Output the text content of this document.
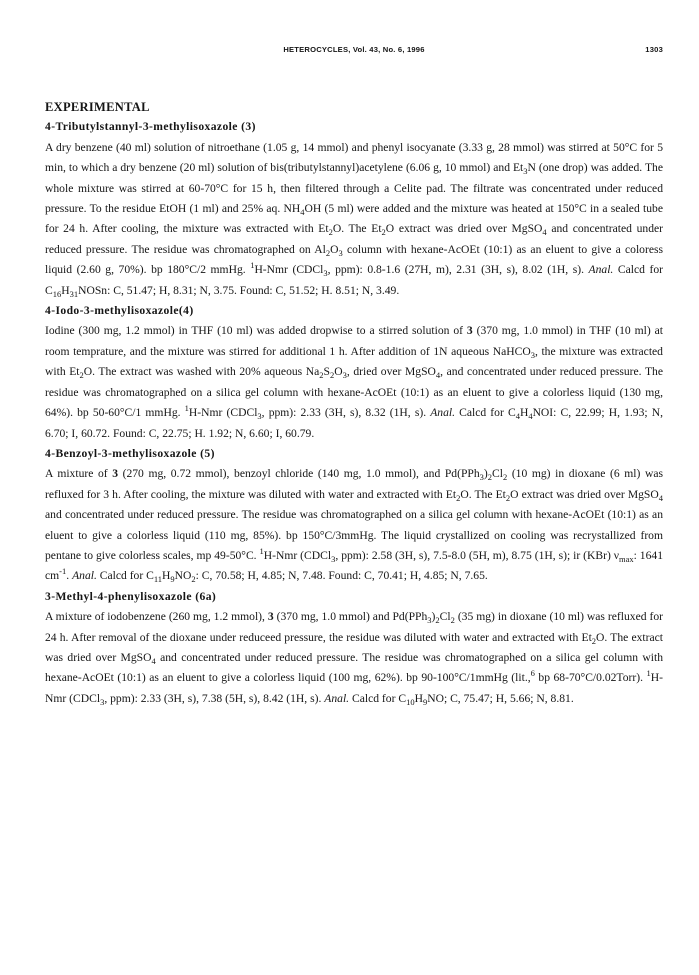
HETEROCYCLES, Vol. 43, No. 6, 1996	1303
EXPERIMENTAL
4-Tributylstannyl-3-methylisoxazole (3)

A dry benzene (40 ml) solution of nitroethane (1.05 g, 14 mmol) and phenyl isocyanate (3.33 g, 28 mmol) was stirred at 50°C for 5 min, to which a dry benzene (20 ml) solution of bis(tributylstannyl)acetylene (6.06 g, 10 mmol) and $Et_3N$ (one drop) was added. The whole mixture was stirred at 60-70°C for 15 h, then filtered through a Celite pad. The filtrate was concentrated under reduced pressure. To the residue EtOH (1 ml) and 25% aq. $NH_4OH$ (5 ml) were added and the mixture was heated at 150°C in a sealed tube for 24 h. After cooling, the mixture was extracted with $Et_2O$. The $Et_2O$ extract was dried over MgSO$_4$ and concentrated under reduced pressure. The residue was chromatographed on $Al_2O_3$ column with hexane-AcOEt (10:1) as an eluent to give a coloress liquid (2.60 g, 70%). bp 180°C/2 mmHg. $^1$H-Nmr (CDCl$_3$, ppm): 0.8-1.6 (27H, m), 2.31 (3H, s), 8.02 (1H, s). Anal. Calcd for $C_{16}H_{31}NOSn$: C, 51.47; H, 8.31; N, 3.75. Found: C, 51.52; H. 8.51; N, 3.49.

4-Iodo-3-methylisoxazole(4)

Iodine (300 mg, 1.2 mmol) in THF (10 ml) was added dropwise to a stirred solution of 3 (370 mg, 1.0 mmol) in THF (10 ml) at room temprature, and the mixture was stirred for additional 1 h. After addition of 1N aqueous NaHCO$_3$, the mixture was extracted with $Et_2O$. The extract was washed with 20% aqueous $Na_2S_2O_3$, dried over MgSO$_4$, and concentrated under reduced pressure. The residue was chromatographed on a silica gel column with hexane-AcOEt (10:1) as an eluent to give a colorless liquid (130 mg, 64%). bp 50-60°C/1 mmHg. $^1$H-Nmr (CDCl$_3$, ppm): 2.33 (3H, s), 8.32 (1H, s). Anal. Calcd for $C_4H_4NOI$: C, 22.99; H, 1.93; N, 6.70; I, 60.72. Found: C, 22.75; H. 1.92; N, 6.60; I, 60.79.

4-Benzoyl-3-methylisoxazole (5)

A mixture of 3 (270 mg, 0.72 mmol), benzoyl chloride (140 mg, 1.0 mmol), and $Pd(PPh_3)_2Cl_2$ (10 mg) in dioxane (6 ml) was refluxed for 3 h. After cooling, the mixture was diluted with water and extracted with $Et_2O$. The $Et_2O$ extract was dried over MgSO$_4$ and concentrated under reduced pressure. The residue was chromatographed on a silica gel column with hexane-AcOEt (10:1) as an eluent to give a colorless liquid (110 mg, 85%). bp 150°C/3mmHg. The liquid crystallized on cooling was recrystallized from pentane to give colorless scales, mp 49-50°C. $^1$H-Nmr (CDCl$_3$, ppm): 2.58 (3H, s), 7.5-8.0 (5H, m), 8.75 (1H, s); ir (KBr) $\nu_{max}$: 1641 $cm^{-1}$. Anal. Calcd for $C_{11}H_9NO_2$: C, 70.58; H, 4.85; N, 7.48. Found: C, 70.41; H, 4.85; N, 7.65.

3-Methyl-4-phenylisoxazole (6a)

A mixture of iodobenzene (260 mg, 1.2 mmol), 3 (370 mg, 1.0 mmol) and $Pd(PPh_3)_2Cl_2$ (35 mg) in dioxane (10 ml) was refluxed for 24 h. After removal of the dioxane under reduceed pressure, the residue was diluted with water and extracted with $Et_2O$. The extract was dried over MgSO$_4$ and concentrated under reduced pressure. The residue was chromatographed on a silica gel column with hexane-AcOEt (10:1) as an eluent to give a colorless liquid (100 mg, 62%). bp 90-100°C/1mmHg (lit.,$^6$ bp 68-70°C/0.02Torr). $^1$H-Nmr (CDCl$_3$, ppm): 2.33 (3H, s), 7.38 (5H, s), 8.42 (1H, s). Anal. Calcd for $C_{10}H_9NO$; C, 75.47; H, 5.66; N, 8.81.
